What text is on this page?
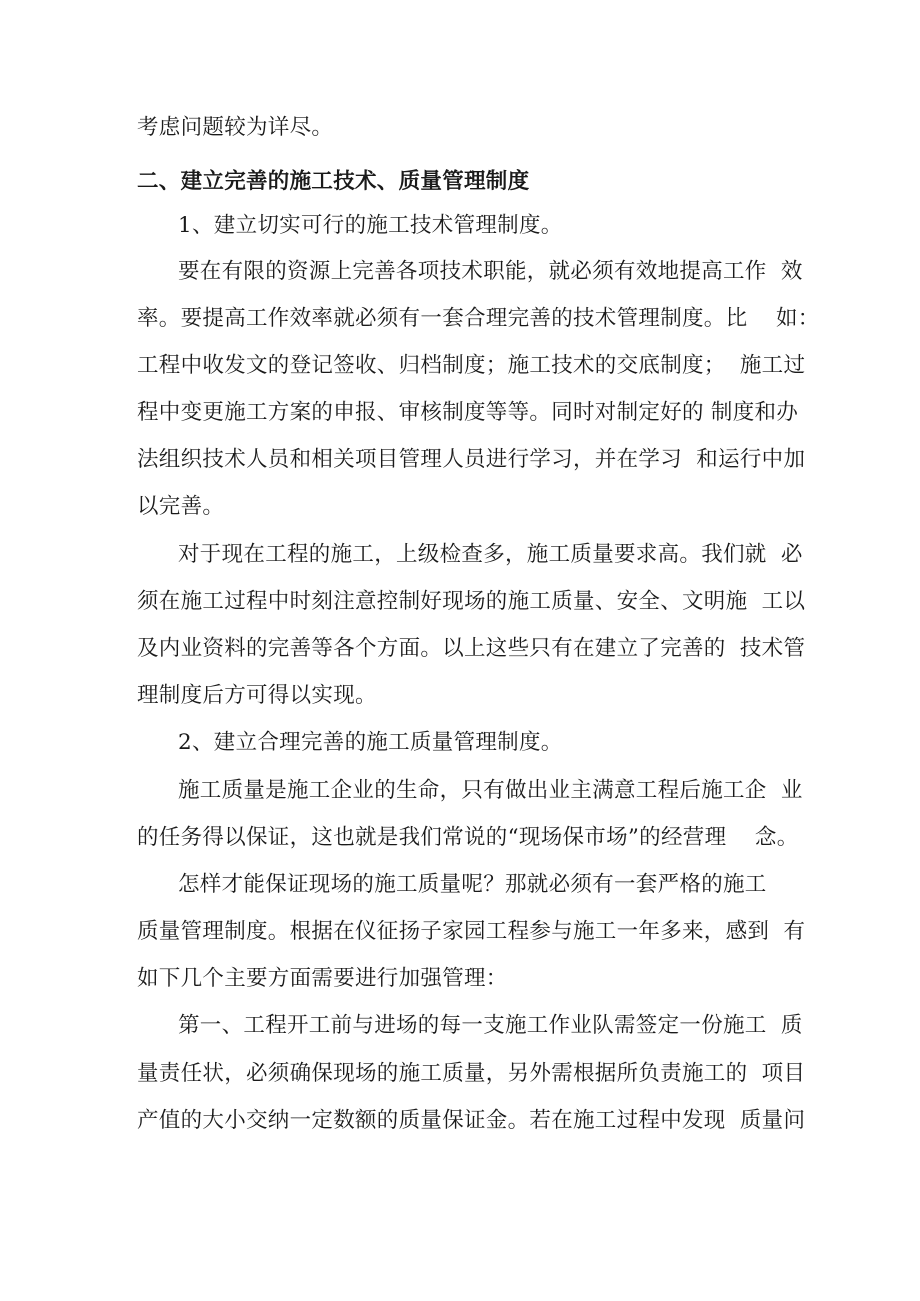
考虑问题较为详尽。
二、建立完善的施工技术、质量管理制度
1、建立切实可行的施工技术管理制度。
要在有限的资源上完善各项技术职能，就必须有效地提高工作  效
率。要提高工作效率就必须有一套合理完善的技术管理制度。比    如：
工程中收发文的登记签收、归档制度；施工技术的交底制度；  施工过
程中变更施工方案的申报、审核制度等等。同时对制定好的 制度和办
法组织技术人员和相关项目管理人员进行学习，并在学习  和运行中加
以完善。
对于现在工程的施工，上级检查多，施工质量要求高。我们就  必
须在施工过程中时刻注意控制好现场的施工质量、安全、文明施  工以
及内业资料的完善等各个方面。以上这些只有在建立了完善的  技术管
理制度后方可得以实现。
2、建立合理完善的施工质量管理制度。
施工质量是施工企业的生命，只有做出业主满意工程后施工企  业
的任务得以保证，这也就是我们常说的“现场保市场”的经营理    念。
怎样才能保证现场的施工质量呢？那就必须有一套严格的施工
质量管理制度。根据在仪征扬子家园工程参与施工一年多来，感到  有
如下几个主要方面需要进行加强管理：
第一、工程开工前与进场的每一支施工作业队需签定一份施工  质
量责任状，必须确保现场的施工质量，另外需根据所负责施工的  项目
产值的大小交纳一定数额的质量保证金。若在施工过程中发现  质量问
